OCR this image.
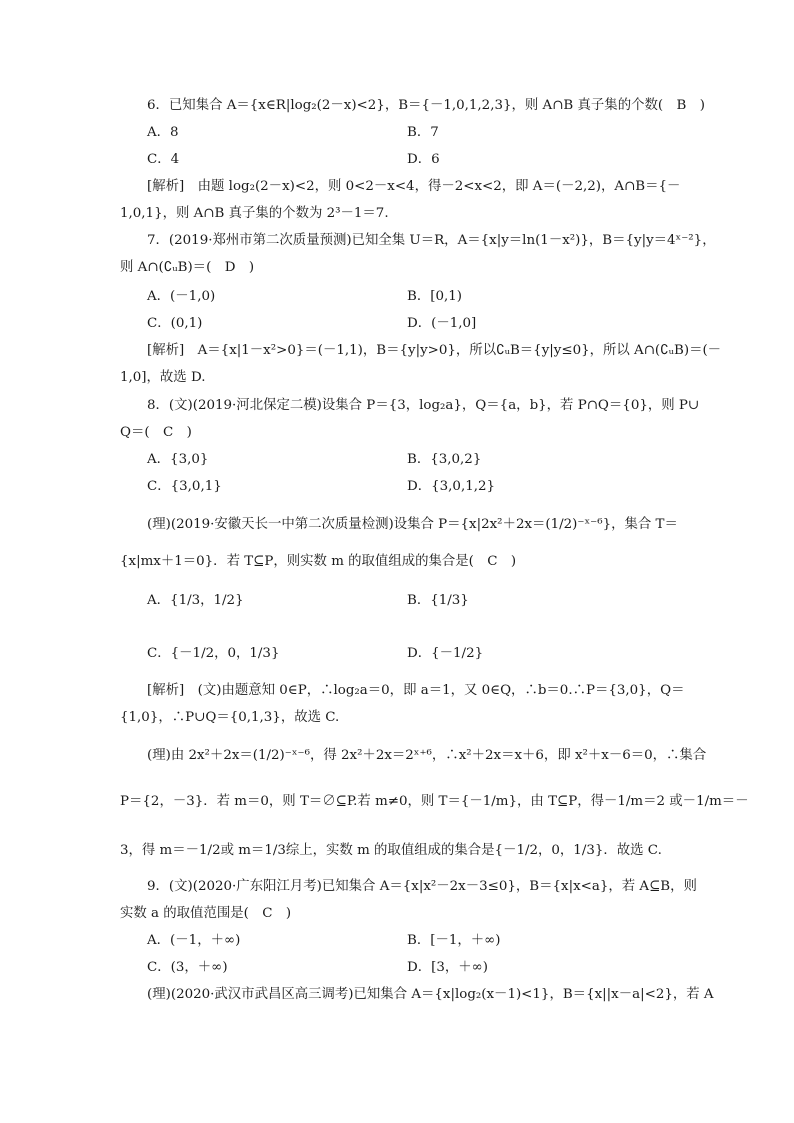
6．已知集合 A＝{x∈R|log₂(2－x)<2}，B＝{－1,0,1,2,3}，则 A∩B 真子集的个数(　B　)
A．8	B．7
C．4	D．6
[解析]　由题 log₂(2－x)<2，则 0<2－x<4，得－2<x<2，即 A＝(－2,2)，A∩B＝{－
1,0,1}，则 A∩B 真子集的个数为 2³－1＝7.
7．(2019·郑州市第二次质量预测)已知全集 U＝R，A＝{x|y＝ln(1－x²)}，B＝{y|y＝4ˣ⁻²}，
则 A∩(∁ᵤB)＝(　D　)
A．(－1,0)	B．[0,1)
C．(0,1)	D．(－1,0]
[解析]　A＝{x|1－x²>0}＝(－1,1)，B＝{y|y>0}，所以∁ᵤB＝{y|y≤0}，所以 A∩(∁ᵤB)＝(－
1,0]，故选 D.
8．(文)(2019·河北保定二模)设集合 P＝{3，log₂a}，Q＝{a，b}，若 P∩Q＝{0}，则 P∪
Q＝(　C　)
A．{3,0}	B．{3,0,2}
C．{3,0,1}	D．{3,0,1,2}
(理)(2019·安徽天长一中第二次质量检测)设集合 P＝{x|2x²＋2x＝(1/2)⁻ˣ⁻⁶}，集合 T＝
{x|mx＋1＝0}．若 T⊆P，则实数 m 的取值组成的集合是(　C　)
A．{1/3，1/2}	B．{1/3}
C．{－1/2，0，1/3}	D．{－1/2}
[解析]　(文)由题意知 0∈P，∴log₂a＝0，即 a＝1，又 0∈Q，∴b＝0.∴P＝{3,0}，Q＝
{1,0}，∴P∪Q＝{0,1,3}，故选 C.
(理)由 2x²＋2x＝(1/2)⁻ˣ⁻⁶，得 2x²＋2x＝2ˣ⁺⁶，∴x²＋2x＝x＋6，即 x²＋x－6＝0，∴集合
P＝{2，－3}．若 m＝0，则 T＝∅⊆P.若 m≠0，则 T＝{－1/m}，由 T⊆P，得－1/m＝2 或－1/m＝－
3，得 m＝－1/2或 m＝1/3综上，实数 m 的取值组成的集合是{－1/2，0，1/3}．故选 C.
9．(文)(2020·广东阳江月考)已知集合 A＝{x|x²－2x－3≤0}，B＝{x|x<a}，若 A⊆B，则
实数 a 的取值范围是(　C　)
A．(－1，＋∞)	B．[－1，＋∞)
C．(3，＋∞)	D．[3，＋∞)
(理)(2020·武汉市武昌区高三调考)已知集合 A＝{x|log₂(x－1)<1}，B＝{x||x－a|<2}，若 A
